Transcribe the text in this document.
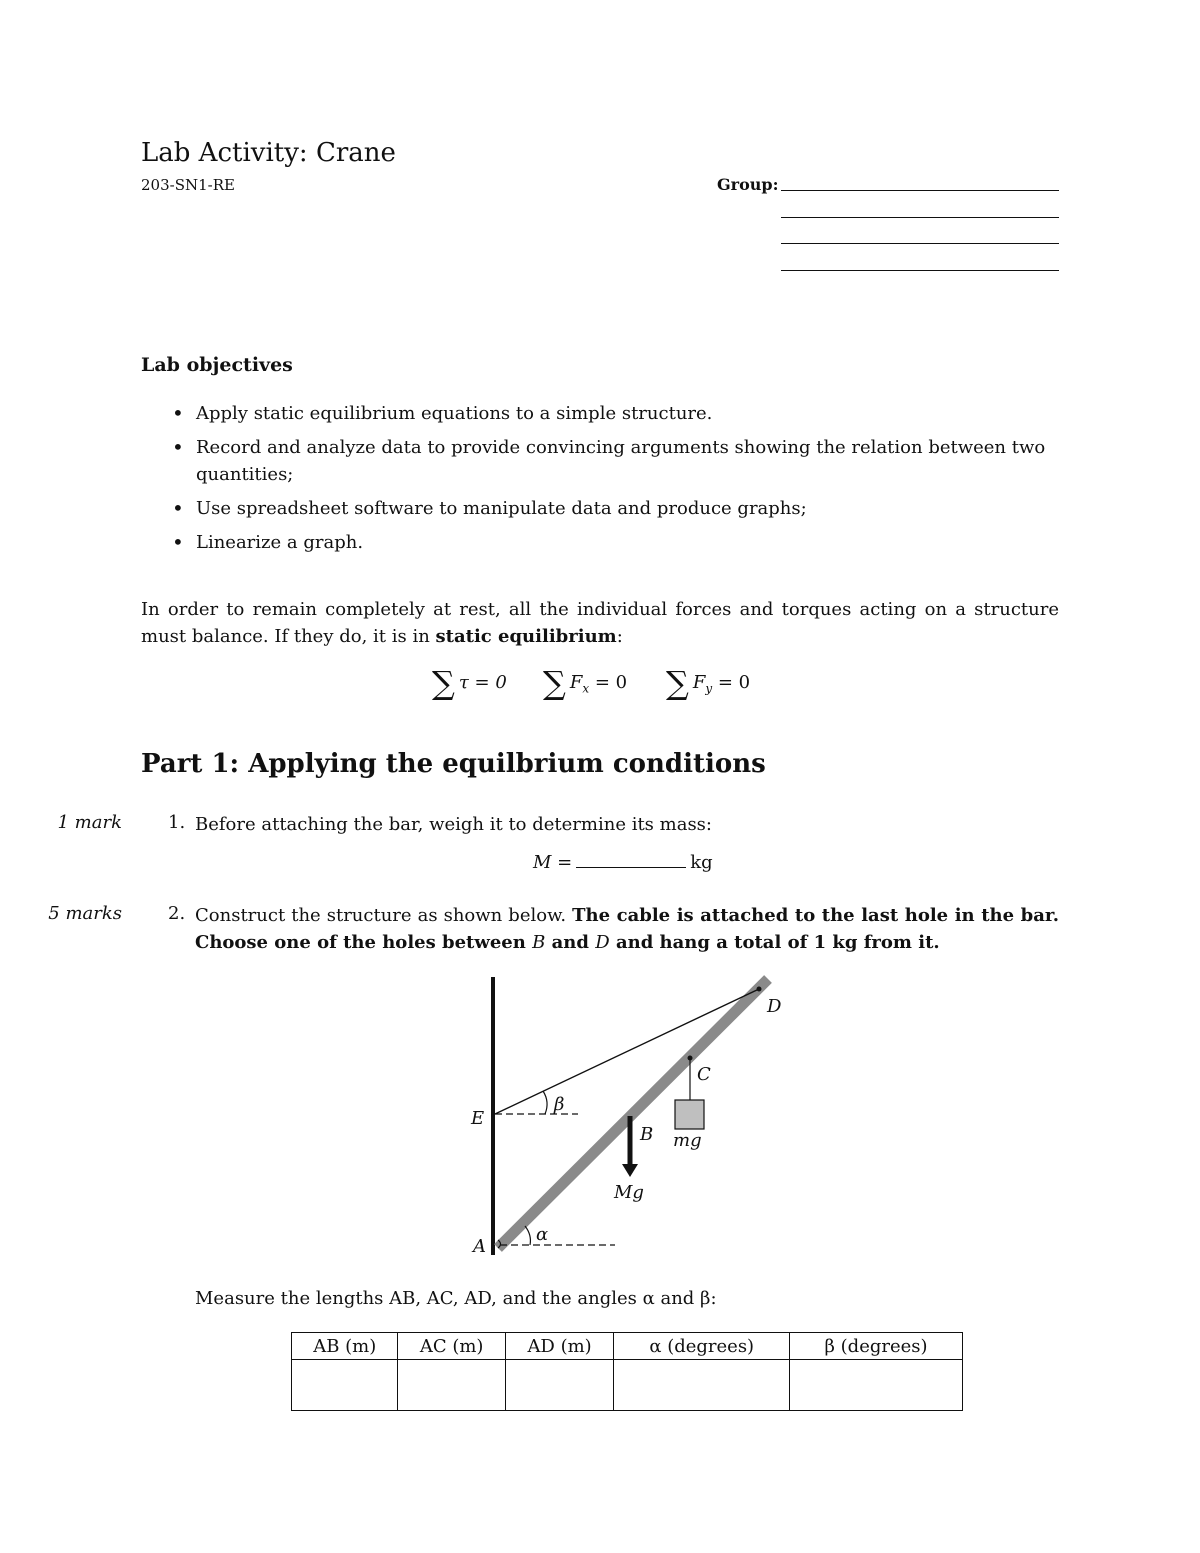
Lab Activity: Crane
203-SN1-RE	Group:
Lab objectives
• Apply static equilibrium equations to a simple structure.
• Record and analyze data to provide convincing arguments showing the relation between two quantities;
• Use spreadsheet software to manipulate data and produce graphs;
• Linearize a graph.
In order to remain completely at rest, all the individual forces and torques acting on a structure must balance. If they do, it is in static equilibrium:
∑ τ = 0 ∑ $F_x = 0$ ∑ $F_y = 0$
Part 1: Applying the equilbrium conditions
1 mark	1. Before attaching the bar, weigh it to determine its mass:
M =	kg
5 marks	2. Construct the structure as shown below. The cable is attached to the last hole in the bar. Choose one of the holes between B and D and hang a total of 1 kg from it.
D
C
B
E
A
β
α
Mg
mg
Measure the lengths AB, AC, AD, and the angles α and β:
AB (m)	AC (m)	AD (m)	α (degrees)	β (degrees)
